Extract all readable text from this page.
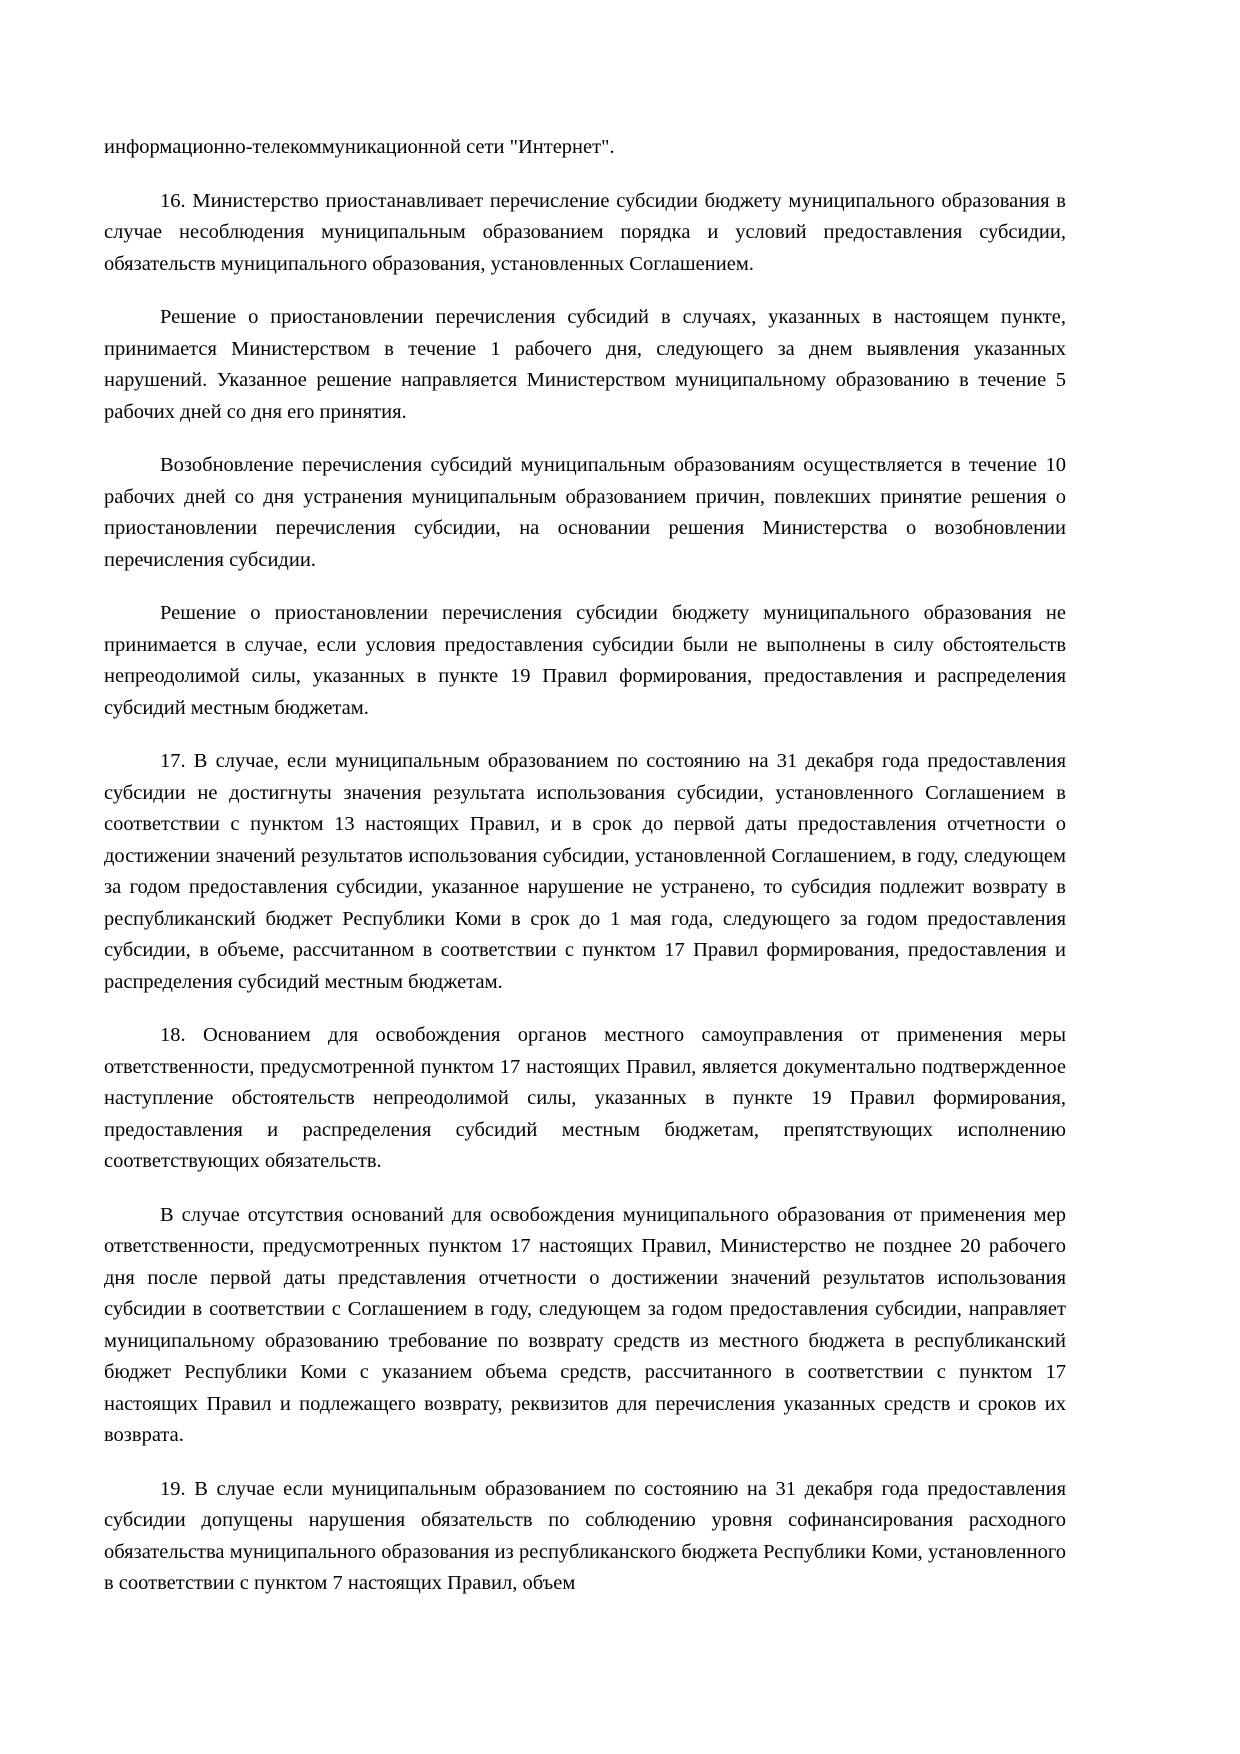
информационно-телекоммуникационной сети "Интернет".

16. Министерство приостанавливает перечисление субсидии бюджету муниципального образования в случае несоблюдения муниципальным образованием порядка и условий предоставления субсидии, обязательств муниципального образования, установленных Соглашением.

Решение о приостановлении перечисления субсидий в случаях, указанных в настоящем пункте, принимается Министерством в течение 1 рабочего дня, следующего за днем выявления указанных нарушений. Указанное решение направляется Министерством муниципальному образованию в течение 5 рабочих дней со дня его принятия.

Возобновление перечисления субсидий муниципальным образованиям осуществляется в течение 10 рабочих дней со дня устранения муниципальным образованием причин, повлекших принятие решения о приостановлении перечисления субсидии, на основании решения Министерства о возобновлении перечисления субсидии.

Решение о приостановлении перечисления субсидии бюджету муниципального образования не принимается в случае, если условия предоставления субсидии были не выполнены в силу обстоятельств непреодолимой силы, указанных в пункте 19 Правил формирования, предоставления и распределения субсидий местным бюджетам.

17. В случае, если муниципальным образованием по состоянию на 31 декабря года предоставления субсидии не достигнуты значения результата использования субсидии, установленного Соглашением в соответствии с пунктом 13 настоящих Правил, и в срок до первой даты предоставления отчетности о достижении значений результатов использования субсидии, установленной Соглашением, в году, следующем за годом предоставления субсидии, указанное нарушение не устранено, то субсидия подлежит возврату в республиканский бюджет Республики Коми в срок до 1 мая года, следующего за годом предоставления субсидии, в объеме, рассчитанном в соответствии с пунктом 17 Правил формирования, предоставления и распределения субсидий местным бюджетам.

18. Основанием для освобождения органов местного самоуправления от применения меры ответственности, предусмотренной пунктом 17 настоящих Правил, является документально подтвержденное наступление обстоятельств непреодолимой силы, указанных в пункте 19 Правил формирования, предоставления и распределения субсидий местным бюджетам, препятствующих исполнению соответствующих обязательств.

В случае отсутствия оснований для освобождения муниципального образования от применения мер ответственности, предусмотренных пунктом 17 настоящих Правил, Министерство не позднее 20 рабочего дня после первой даты представления отчетности о достижении значений результатов использования субсидии в соответствии с Соглашением в году, следующем за годом предоставления субсидии, направляет муниципальному образованию требование по возврату средств из местного бюджета в республиканский бюджет Республики Коми с указанием объема средств, рассчитанного в соответствии с пунктом 17 настоящих Правил и подлежащего возврату, реквизитов для перечисления указанных средств и сроков их возврата.

19. В случае если муниципальным образованием по состоянию на 31 декабря года предоставления субсидии допущены нарушения обязательств по соблюдению уровня софинансирования расходного обязательства муниципального образования из республиканского бюджета Республики Коми, установленного в соответствии с пунктом 7 настоящих Правил, объем
